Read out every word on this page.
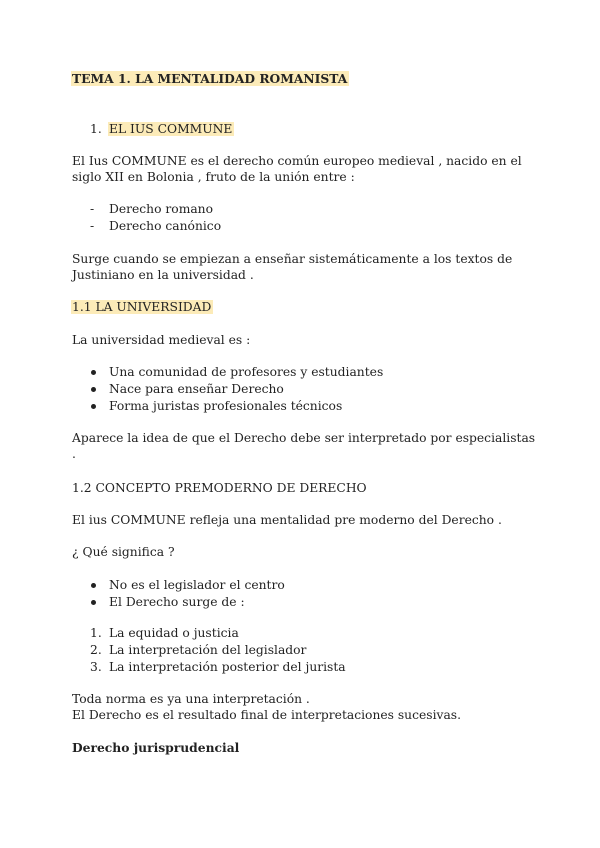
TEMA 1. LA MENTALIDAD ROMANISTA
1. EL IUS COMMUNE
El Ius COMMUNE es el derecho común europeo medieval , nacido en el
siglo XII en Bolonia , fruto de la unión entre :
- Derecho romano
- Derecho canónico
Surge cuando se empiezan a enseñar sistemáticamente a los textos de
Justiniano en la universidad .
1.1 LA UNIVERSIDAD
La universidad medieval es :
Una comunidad de profesores y estudiantes
Nace para enseñar Derecho
Forma juristas profesionales técnicos
Aparece la idea de que el Derecho debe ser interpretado por especialistas
.
1.2 CONCEPTO PREMODERNO DE DERECHO
El ius COMMUNE refleja una mentalidad pre moderno del Derecho .
¿ Qué significa ?
No es el legislador el centro
El Derecho surge de :
1. La equidad o justicia
2. La interpretación del legislador
3. La interpretación posterior del jurista
Toda norma es ya una interpretación .
El Derecho es el resultado final de interpretaciones sucesivas.
Derecho jurisprudencial
